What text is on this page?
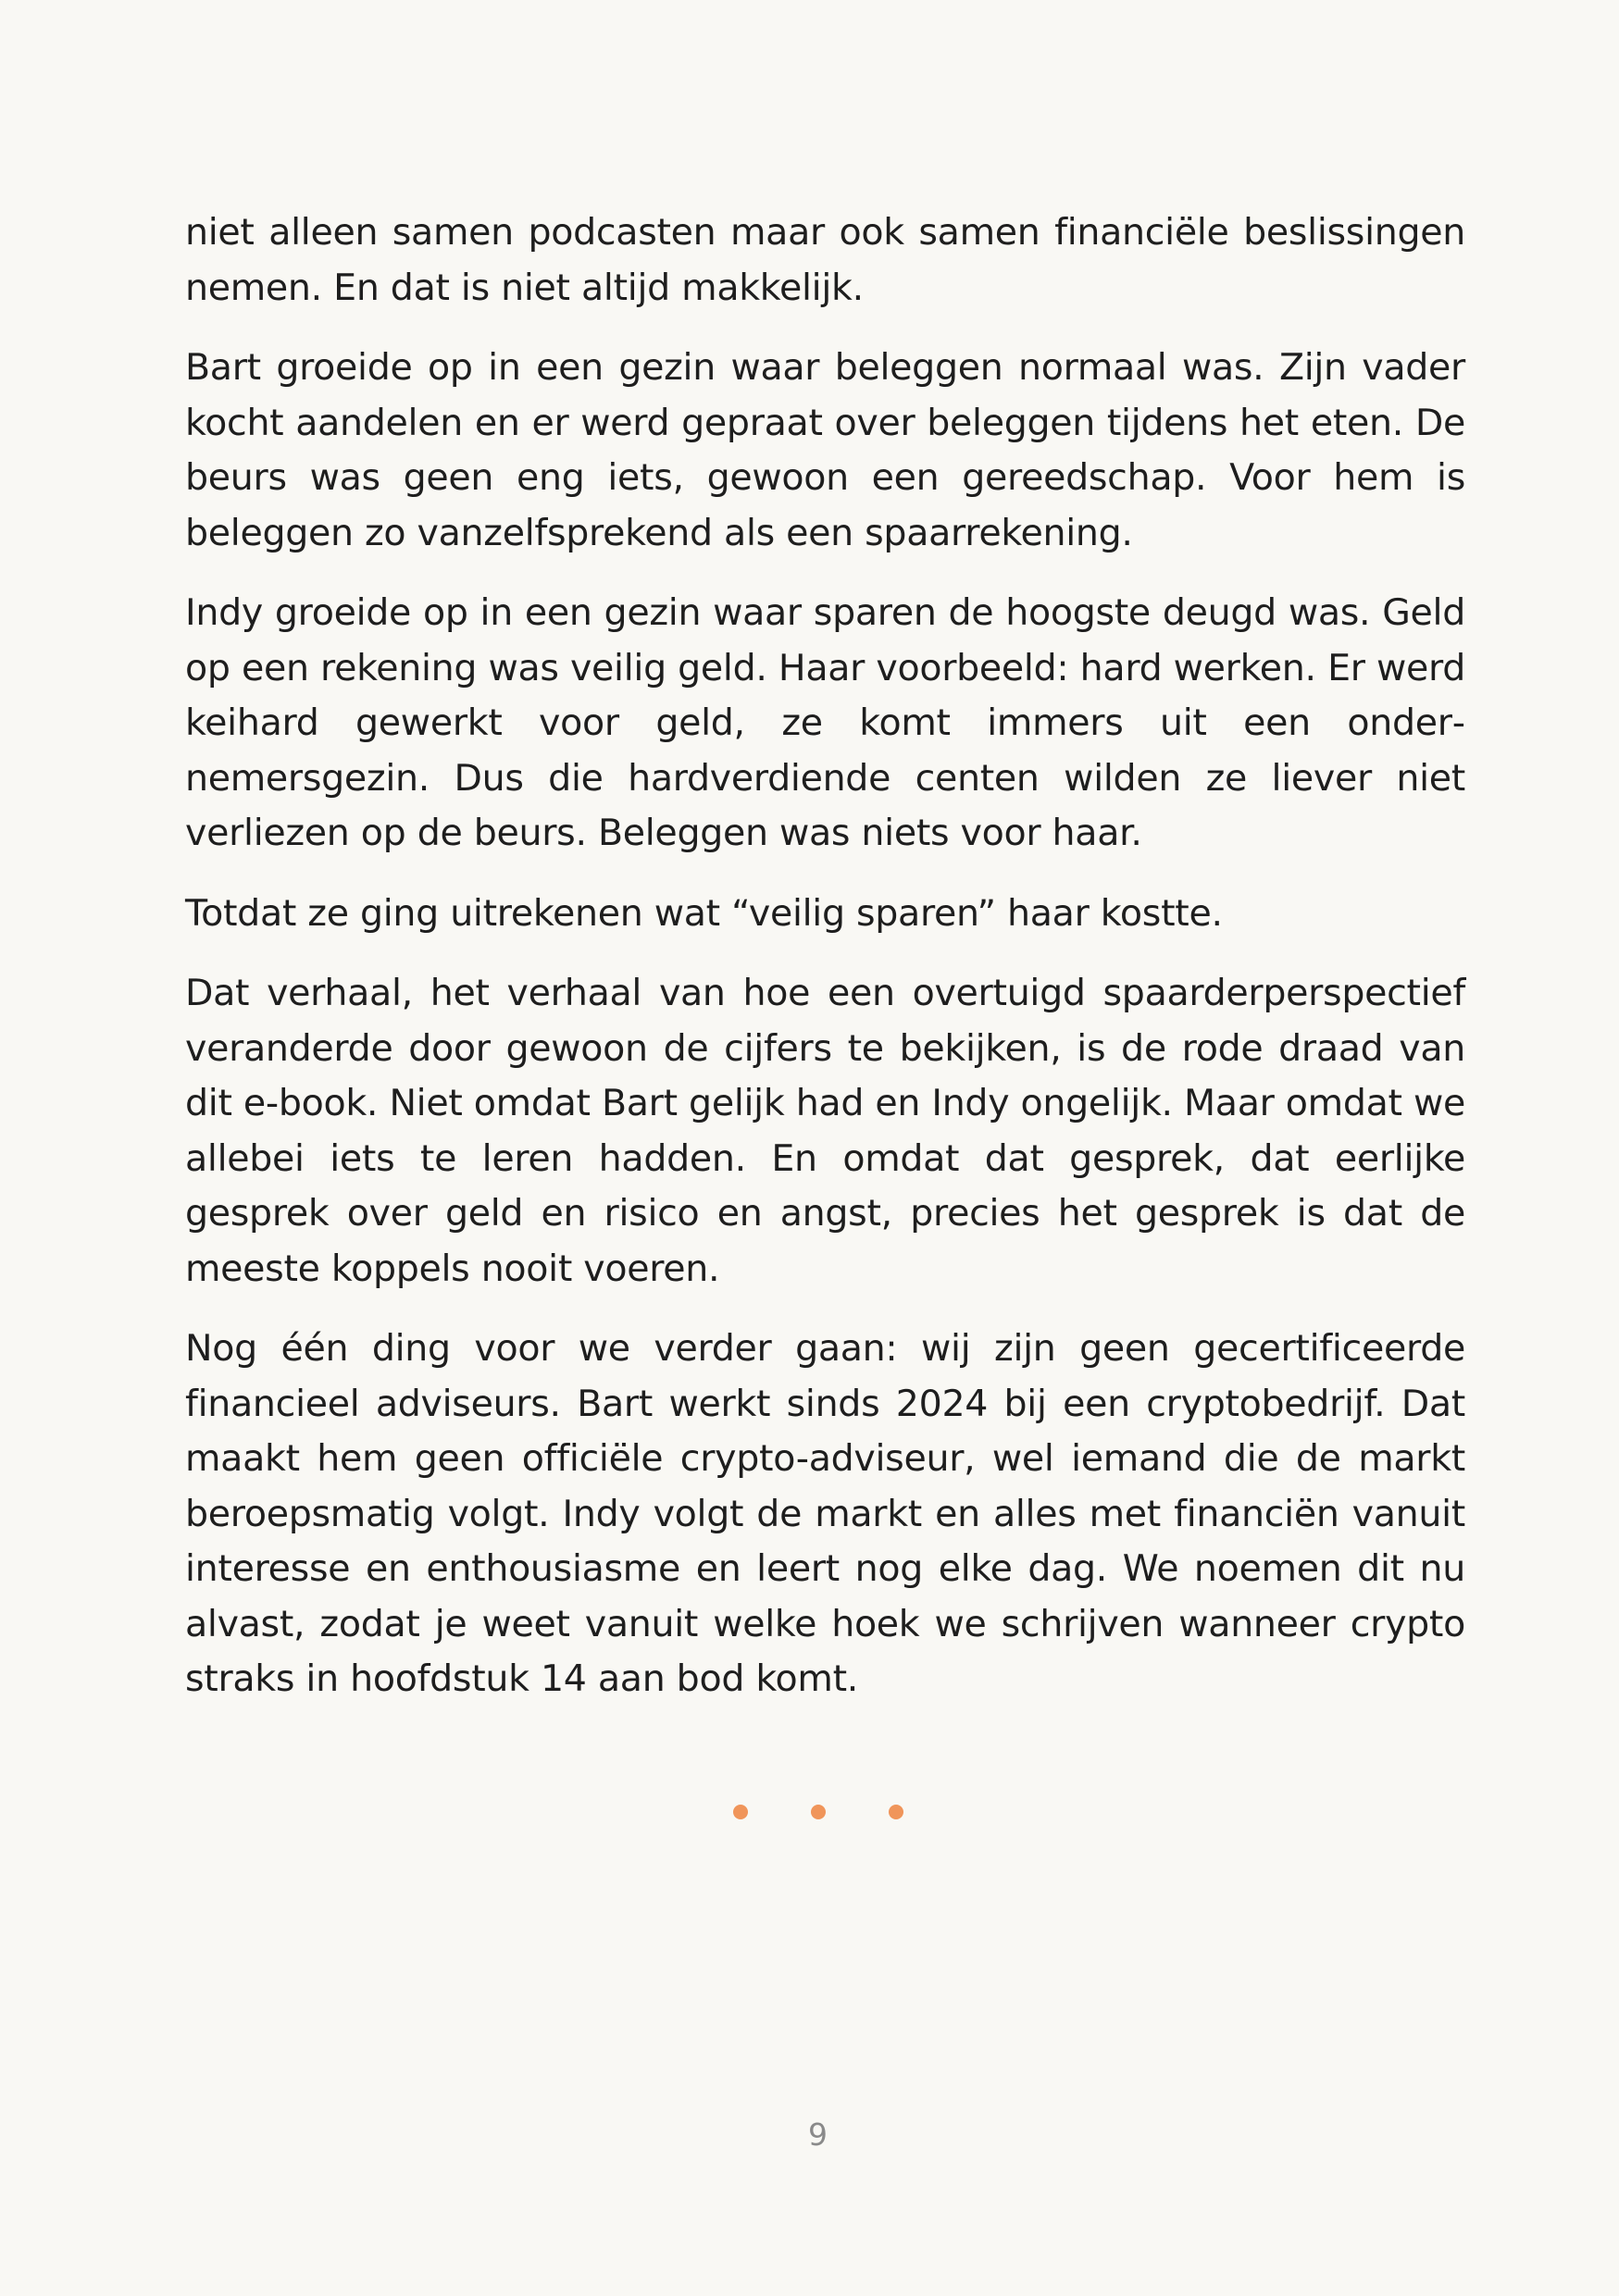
niet alleen samen podcasten maar ook samen financiële beslissingen nemen. En dat is niet altijd makkelijk.

Bart groeide op in een gezin waar beleggen normaal was. Zijn vader kocht aandelen en er werd gepraat over beleggen tijdens het eten. De beurs was geen eng iets, gewoon een gereedschap. Voor hem is beleggen zo vanzelfsprekend als een spaarrekening.

Indy groeide op in een gezin waar sparen de hoogste deugd was. Geld op een rekening was veilig geld. Haar voorbeeld: hard werken. Er werd keihard gewerkt voor geld, ze komt immers uit een ondernemersgezin. Dus die hardverdiende centen wilden ze liever niet verliezen op de beurs. Beleggen was niets voor haar.

Totdat ze ging uitrekenen wat “veilig sparen” haar kostte.

Dat verhaal, het verhaal van hoe een overtuigd spaarderperspectief veranderde door gewoon de cijfers te bekijken, is de rode draad van dit e-book. Niet omdat Bart gelijk had en Indy ongelijk. Maar omdat we allebei iets te leren hadden. En omdat dat gesprek, dat eerlijke gesprek over geld en risico en angst, precies het gesprek is dat de meeste koppels nooit voeren.

Nog één ding voor we verder gaan: wij zijn geen gecertificeerde financieel adviseurs. Bart werkt sinds 2024 bij een cryptobedrijf. Dat maakt hem geen officiële crypto-adviseur, wel iemand die de markt beroepsmatig volgt. Indy volgt de markt en alles met financiën vanuit interesse en enthousiasme en leert nog elke dag. We noemen dit nu alvast, zodat je weet vanuit welke hoek we schrijven wanneer crypto straks in hoofdstuk 14 aan bod komt.

9
